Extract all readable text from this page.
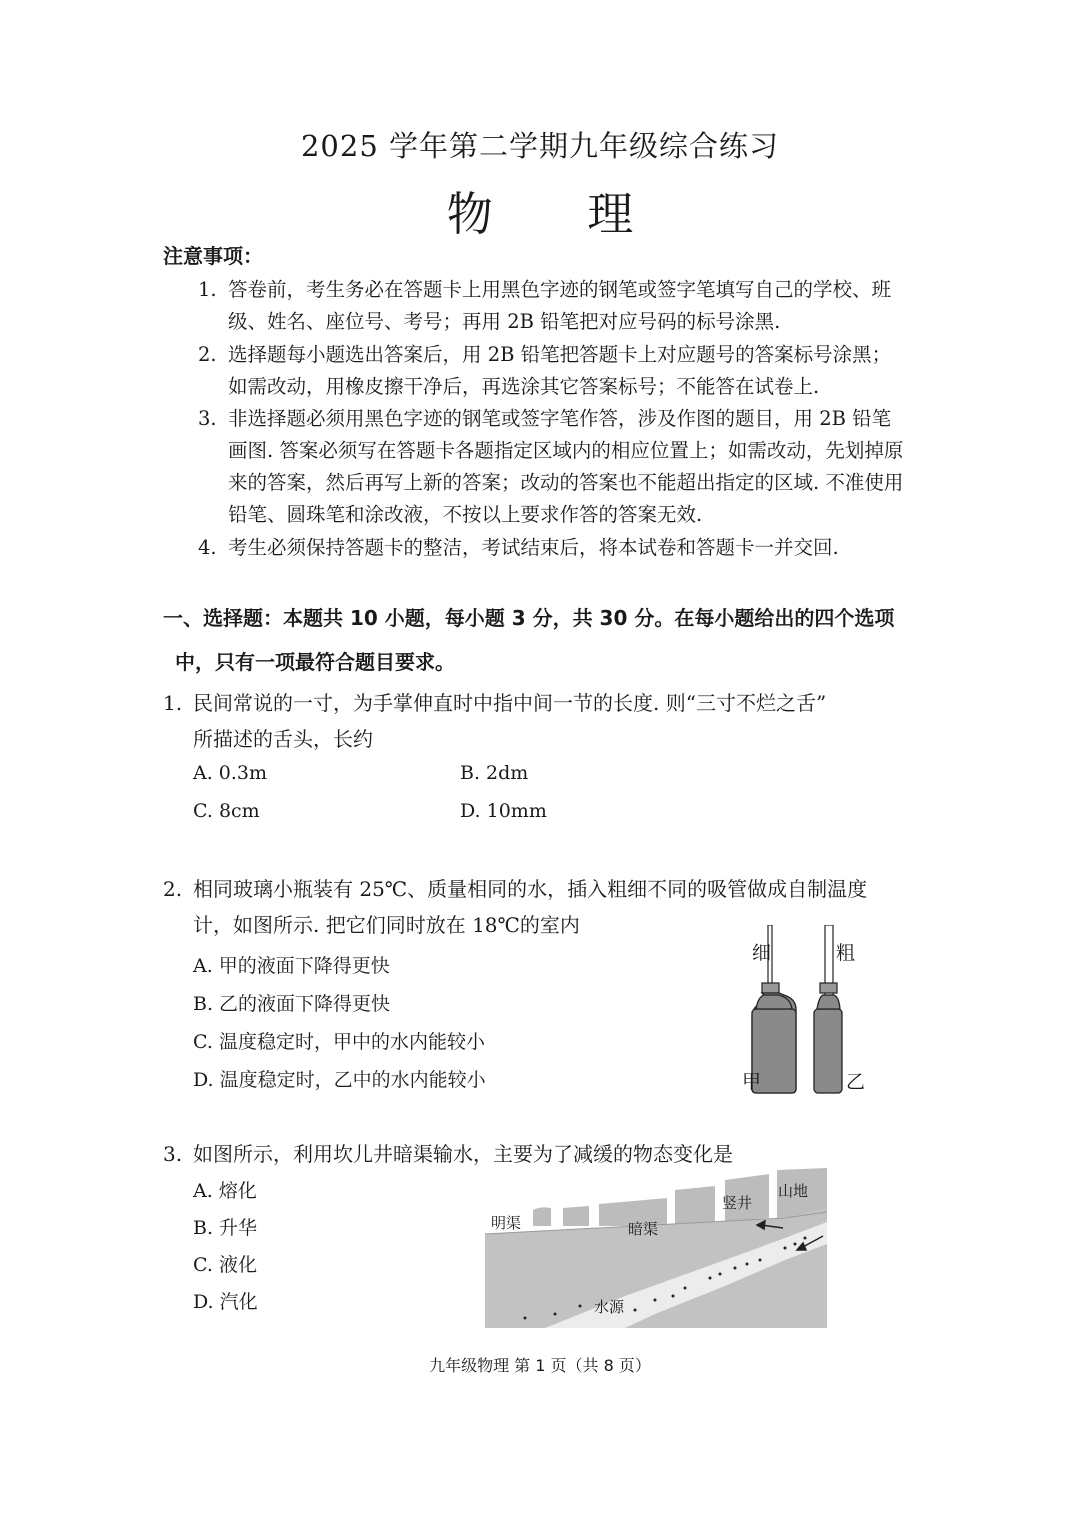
2025 学年第二学期九年级综合练习
物 理
注意事项：
1. 答卷前，考生务必在答题卡上用黑色字迹的钢笔或签字笔填写自己的学校、班级、姓名、座位号、考号；再用 2B 铅笔把对应号码的标号涂黑.
2. 选择题每小题选出答案后，用 2B 铅笔把答题卡上对应题号的答案标号涂黑；如需改动，用橡皮擦干净后，再选涂其它答案标号；不能答在试卷上.
3. 非选择题必须用黑色字迹的钢笔或签字笔作答，涉及作图的题目，用 2B 铅笔画图. 答案必须写在答题卡各题指定区域内的相应位置上；如需改动，先划掉原来的答案，然后再写上新的答案；改动的答案也不能超出指定的区域. 不准使用铅笔、圆珠笔和涂改液，不按以上要求作答的答案无效.
4. 考生必须保持答题卡的整洁，考试结束后，将本试卷和答题卡一并交回.
一、选择题：本题共 10 小题，每小题 3 分，共 30 分。在每小题给出的四个选项
中，只有一项最符合题目要求。
1. 民间常说的一寸，为手掌伸直时中指中间一节的长度. 则“三寸不烂之舌”
所描述的舌头，长约
A. 0.3m	B. 2dm
C. 8cm	D. 10mm
2. 相同玻璃小瓶装有 25℃、质量相同的水，插入粗细不同的吸管做成自制温度
计，如图所示. 把它们同时放在 18℃的室内
A. 甲的液面下降得更快
B. 乙的液面下降得更快
C. 温度稳定时，甲中的水内能较小
D. 温度稳定时，乙中的水内能较小
细	粗
甲	乙
3. 如图所示，利用坎儿井暗渠输水，主要为了减缓的物态变化是
A. 熔化
B. 升华
C. 液化
D. 汽化
明渠	暗渠
竖井
山地
水源
九年级物理 第 1 页（共 8 页）
